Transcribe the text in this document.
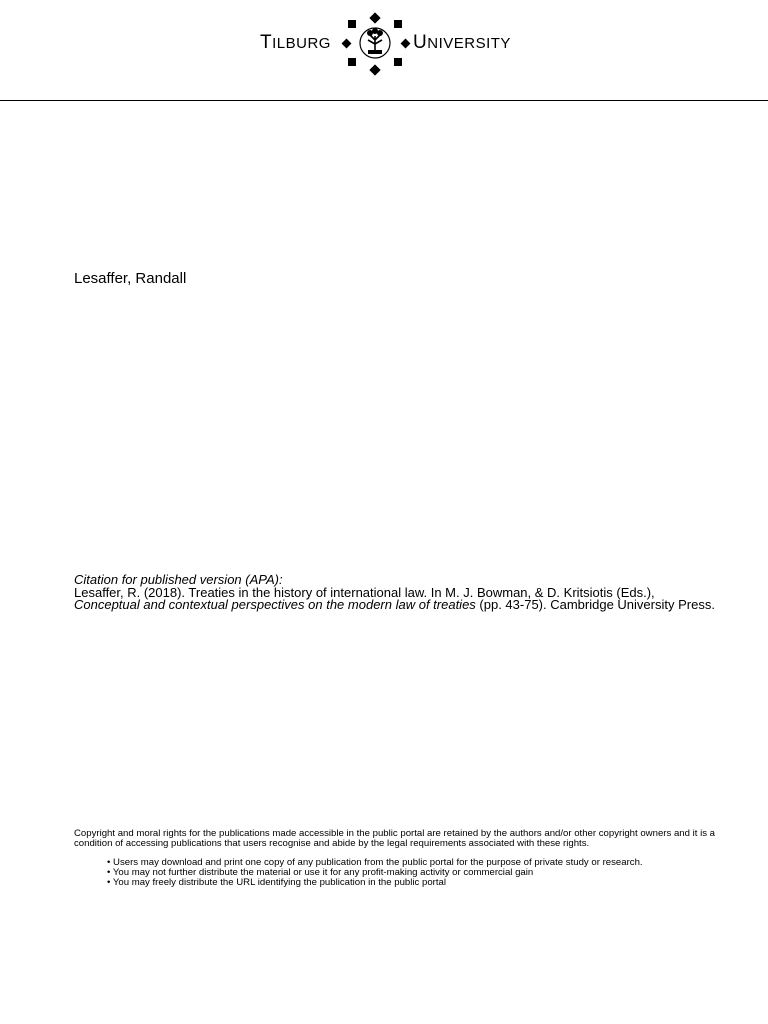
TILBURG	UNIVERSITY
Lesaffer, Randall

Citation for published version (APA):

Lesaffer, R. (2018). Treaties in the history of international law. In M. J. Bowman, & D. Kritsiotis (Eds.),

Conceptual and contextual perspectives on the modern law of treaties (pp. 43-75). Cambridge University Press.

Copyright and moral rights for the publications made accessible in the public portal are retained by the authors and/or other copyright owners and it is a condition of accessing publications that users recognise and abide by the legal requirements associated with these rights.

• Users may download and print one copy of any publication from the public portal for the purpose of private study or research.
• You may not further distribute the material or use it for any profit-making activity or commercial gain
• You may freely distribute the URL identifying the publication in the public portal
